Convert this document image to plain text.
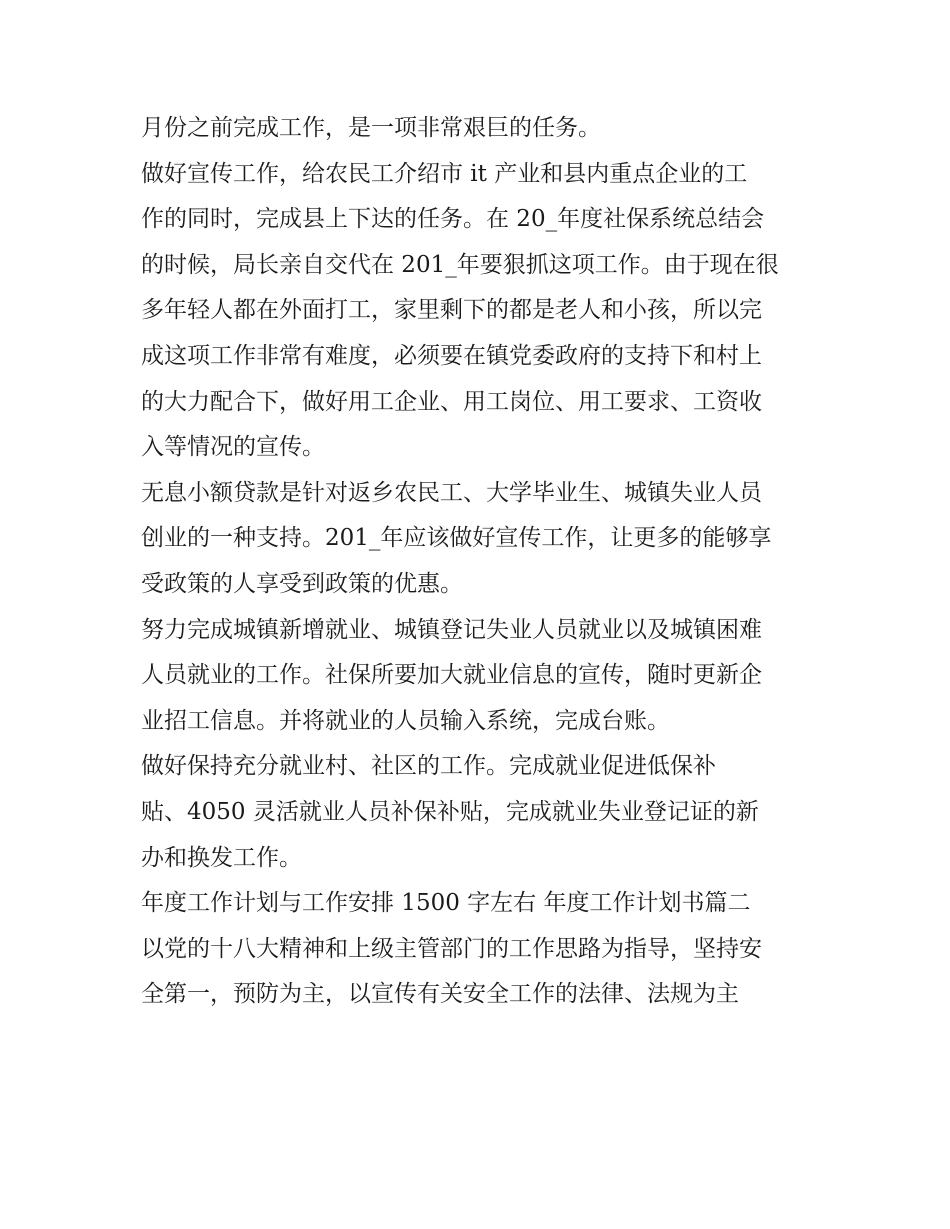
月份之前完成工作，是一项非常艰巨的任务。
做好宣传工作，给农民工介绍市 it 产业和县内重点企业的工
作的同时，完成县上下达的任务。在 20_年度社保系统总结会
的时候，局长亲自交代在 201_年要狠抓这项工作。由于现在很
多年轻人都在外面打工，家里剩下的都是老人和小孩，所以完
成这项工作非常有难度，必须要在镇党委政府的支持下和村上
的大力配合下，做好用工企业、用工岗位、用工要求、工资收
入等情况的宣传。
无息小额贷款是针对返乡农民工、大学毕业生、城镇失业人员
创业的一种支持。201_年应该做好宣传工作，让更多的能够享
受政策的人享受到政策的优惠。
努力完成城镇新增就业、城镇登记失业人员就业以及城镇困难
人员就业的工作。社保所要加大就业信息的宣传，随时更新企
业招工信息。并将就业的人员输入系统，完成台账。
做好保持充分就业村、社区的工作。完成就业促进低保补
贴、4050 灵活就业人员补保补贴，完成就业失业登记证的新
办和换发工作。
年度工作计划与工作安排 1500 字左右 年度工作计划书篇二
以党的十八大精神和上级主管部门的工作思路为指导，坚持安
全第一，预防为主，以宣传有关安全工作的法律、法规为主
